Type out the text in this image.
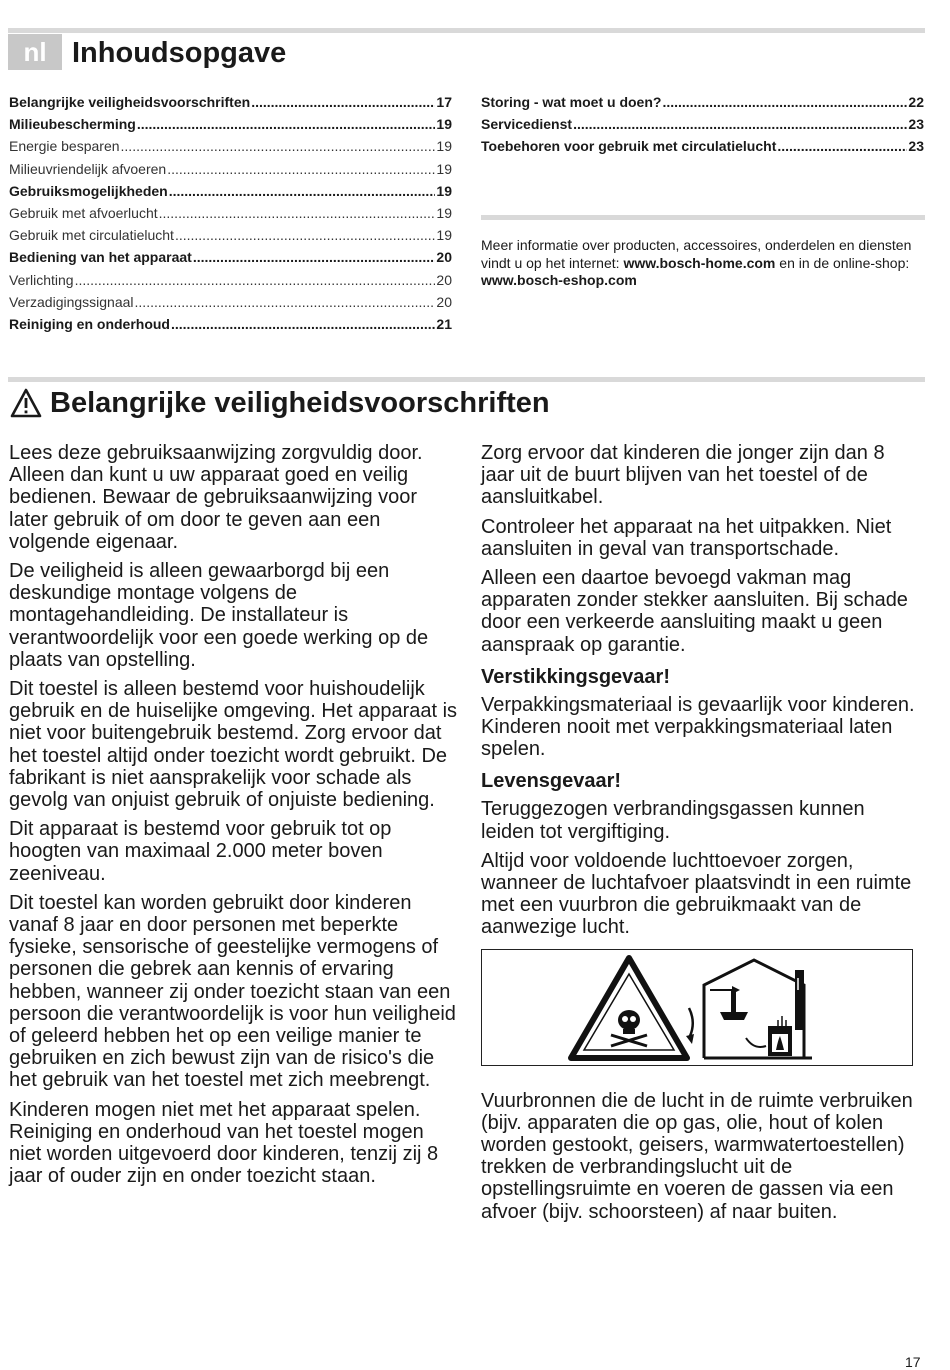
nl Inhoudsopgave
Belangrijke veiligheidsvoorschriften .....	17
Milieubescherming .....	19
Energie besparen .....	19
Milieuvriendelijk afvoeren .....	19
Gebruiksmogelijkheden .....	19
Gebruik met afvoerlucht .....	19
Gebruik met circulatielucht .....	19
Bediening van het apparaat .....	20
Verlichting .....	20
Verzadigingssignaal .....	20
Reiniging en onderhoud .....	21
Storing - wat moet u doen? .....	22
Servicedienst .....	23
Toebehoren voor gebruik met circulatielucht .....	23

Meer informatie over producten, accessoires, onderdelen en diensten vindt u op het internet: www.bosch-home.com en in de online-shop: www.bosch-eshop.com

Belangrijke veiligheidsvoorschriften

Lees deze gebruiksaanwijzing zorgvuldig door. Alleen dan kunt u uw apparaat goed en veilig bedienen. Bewaar de gebruiksaanwijzing voor later gebruik of om door te geven aan een volgende eigenaar.

De veiligheid is alleen gewaarborgd bij een deskundige montage volgens de montagehandleiding. De installateur is verantwoordelijk voor een goede werking op de plaats van opstelling.

Dit toestel is alleen bestemd voor huishoudelijk gebruik en de huiselijke omgeving. Het apparaat is niet voor buitengebruik bestemd. Zorg ervoor dat het toestel altijd onder toezicht wordt gebruikt. De fabrikant is niet aansprakelijk voor schade als gevolg van onjuist gebruik of onjuiste bediening.

Dit apparaat is bestemd voor gebruik tot op hoogten van maximaal 2.000 meter boven zeeniveau.

Dit toestel kan worden gebruikt door kinderen vanaf 8 jaar en door personen met beperkte fysieke, sensorische of geestelijke vermogens of personen die gebrek aan kennis of ervaring hebben, wanneer zij onder toezicht staan van een persoon die verantwoordelijk is voor hun veiligheid of geleerd hebben het op een veilige manier te gebruiken en zich bewust zijn van de risico's die het gebruik van het toestel met zich meebrengt.

Kinderen mogen niet met het apparaat spelen. Reiniging en onderhoud van het toestel mogen niet worden uitgevoerd door kinderen, tenzij zij 8 jaar of ouder zijn en onder toezicht staan.

Zorg ervoor dat kinderen die jonger zijn dan 8 jaar uit de buurt blijven van het toestel of de aansluitkabel.

Controleer het apparaat na het uitpakken. Niet aansluiten in geval van transportschade.

Alleen een daartoe bevoegd vakman mag apparaten zonder stekker aansluiten. Bij schade door een verkeerde aansluiting maakt u geen aanspraak op garantie.

Verstikkingsgevaar!

Verpakkingsmateriaal is gevaarlijk voor kinderen. Kinderen nooit met verpakkingsmateriaal laten spelen.

Levensgevaar!

Teruggezogen verbrandingsgassen kunnen leiden tot vergiftiging.

Altijd voor voldoende luchttoevoer zorgen, wanneer de luchtafvoer plaatsvindt in een ruimte met een vuurbron die gebruikmaakt van de aanwezige lucht.

Vuurbronnen die de lucht in de ruimte verbruiken (bijv. apparaten die op gas, olie, hout of kolen worden gestookt, geisers, warmwatertoestellen) trekken de verbrandingslucht uit de opstellingsruimte en voeren de gassen via een afvoer (bijv. schoorsteen) af naar buiten.

17
